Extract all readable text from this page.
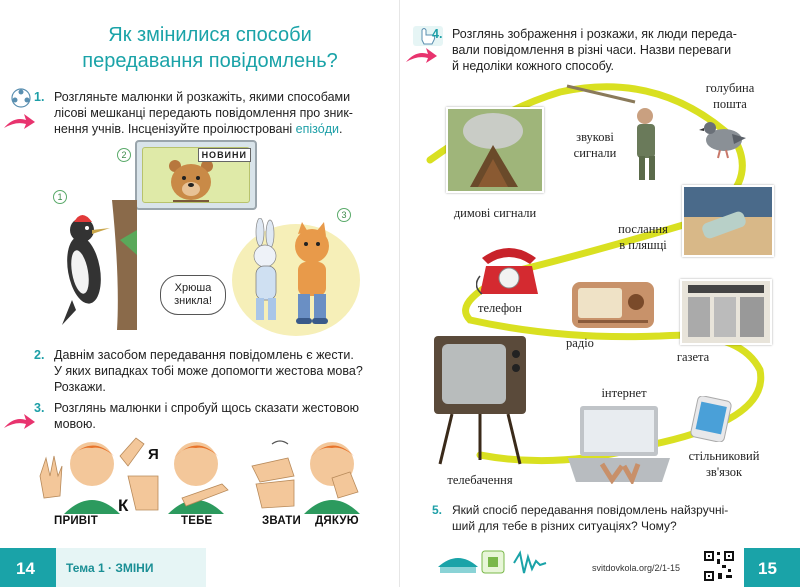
Як змінилися способи
передавання повідомлень?
1. Розгляньте малюнки й розкажіть, якими способами
лісові мешканці передають повідомлення про зник-
нення учнів. Інсценізуйте проілюстровані епізо́ди.
2	НОВИНИ
1
3
Хрюша
зникла!
2. Давнім засобом передавання повідомлень є жести.
У яких випадках тобі може допомогти жестова мова?
Розкажи.
3. Розглянь малюнки і спробуй щось сказати жестовою
мовою.
Я
К
ПРИВІТ	ТЕБЕ	ЗВАТИ ДЯКУЮ
14	Тема 1 · ЗМІНИ
4. Розглянь зображення і розкажи, як люди переда-
вали повідомлення в різні часи. Назви переваги
й недоліки кожного способу.
димові сигнали
звукові
сигнали
голубина
пошта
послання
в пляшці
телефон
радіо
газета
телебачення
інтернет
стільниковий
зв'язок
5. Який спосіб передавання повідомлень найзручні-
ший для тебе в різних ситуаціях? Чому?
15
svitdovkola.org/2/1-15
